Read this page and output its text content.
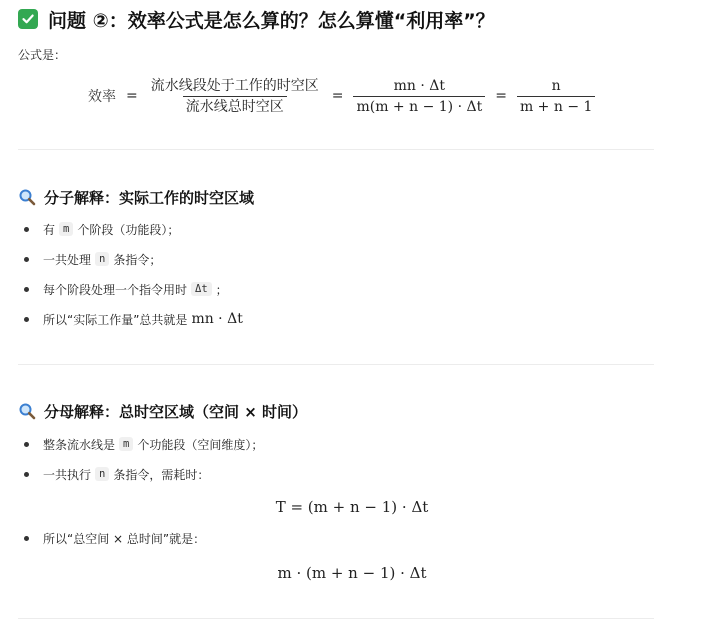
问题 ②：效率公式是怎么算的？怎么算懂“利用率”？
公式是：
效率 = $\frac{\text{流水线段处于工作的时空区}}{\text{流水线总时空区}} = \frac{mn \cdot \Delta t}{m(m + n - 1) \cdot \Delta t} = \frac{n}{m + n - 1}$
分子解释：实际工作的时空区域
有 m 个阶段（功能段）；
一共处理 n 条指令；
每个阶段处理一个指令用时 Δt ；
所以“实际工作量”总共就是 mn · Δt
分母解释：总时空区域（空间 × 时间）
整条流水线是 m 个功能段（空间维度）；
一共执行 n 条指令，需耗时：
T = (m + n − 1) · Δt
所以“总空间 × 总时间”就是：
m · (m + n − 1) · Δt
